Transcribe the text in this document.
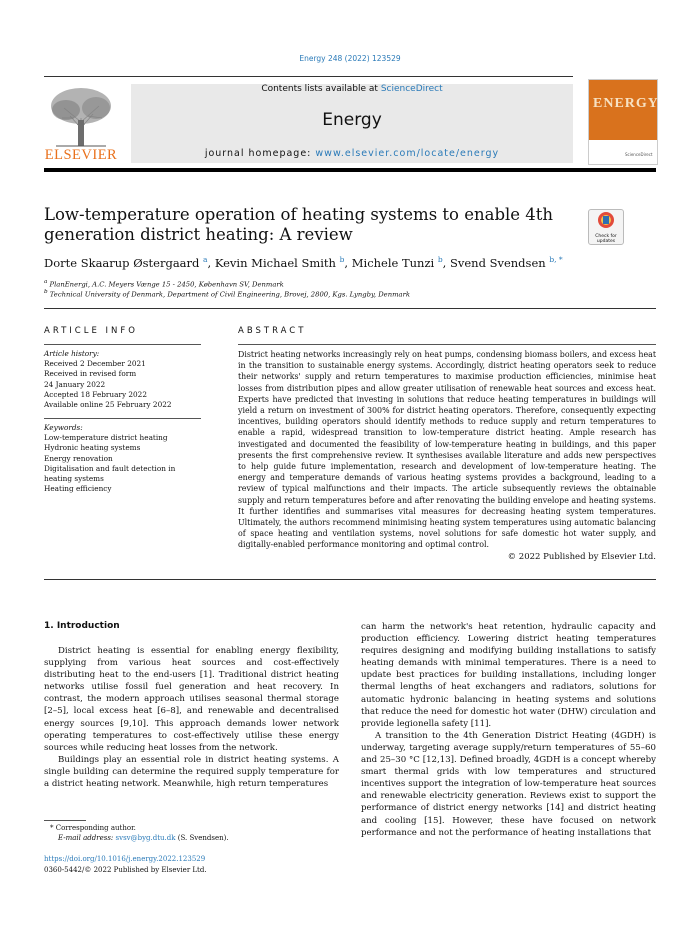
Energy 248 (2022) 123529
ELSEVIER
Contents lists available at ScienceDirect
Energy
journal homepage: www.elsevier.com/locate/energy
ENERGY
ScienceDirect
Low-temperature operation of heating systems to enable 4th generation district heating: A review	Check for
updates
Dorte Skaarup Østergaard $^a$, Kevin Michael Smith $^b$, Michele Tunzi $^b$, Svend Svendsen $^{b, *}$
$^a$ PlanEnergi, A.C. Meyers Vænge 15 - 2450, København SV, Denmark
$^b$ Technical University of Denmark, Department of Civil Engineering, Brovej, 2800, Kgs. Lyngby, Denmark
ARTICLE INFO
Article history:
Received 2 December 2021
Received in revised form
24 January 2022
Accepted 18 February 2022
Available online 25 February 2022
Keywords:
Low-temperature district heating
Hydronic heating systems
Energy renovation
Digitalisation and fault detection in heating systems
Heating efficiency
ABSTRACT
District heating networks increasingly rely on heat pumps, condensing biomass boilers, and excess heat in the transition to sustainable energy systems. Accordingly, district heating operators seek to reduce their networks' supply and return temperatures to maximise production efficiencies, minimise heat losses from distribution pipes and allow greater utilisation of renewable heat sources and excess heat. Experts have predicted that investing in solutions that reduce heating temperatures in buildings will yield a return on investment of 300% for district heating operators. Therefore, consequently expecting incentives, building operators should identify methods to reduce supply and return temperatures to enable a rapid, widespread transition to low-temperature district heating. Ample research has investigated and documented the feasibility of low-temperature heating in buildings, and this paper presents the first comprehensive review. It synthesises available literature and adds new perspectives to help guide future implementation, research and development of low-temperature heating. The energy and temperature demands of various heating systems provides a background, leading to a review of typical malfunctions and their impacts. The article subsequently reviews the obtainable supply and return temperatures before and after renovating the building envelope and heating systems. It further identifies and summarises vital measures for decreasing heating system temperatures. Ultimately, the authors recommend minimising heating system temperatures using automatic balancing of space heating and ventilation systems, novel solutions for safe domestic hot water supply, and digitally-enabled performance monitoring and optimal control.
© 2022 Published by Elsevier Ltd.
1. Introduction

District heating is essential for enabling energy flexibility, supplying from various heat sources and cost-effectively distributing heat to the end-users [1]. Traditional district heating networks utilise fossil fuel generation and heat recovery. In contrast, the modern approach utilises seasonal thermal storage [2–5], local excess heat [6–8], and renewable and decentralised energy sources [9,10]. This approach demands lower network operating temperatures to cost-effectively utilise these energy sources while reducing heat losses from the network.

Buildings play an essential role in district heating systems. A single building can determine the required supply temperature for a district heating network. Meanwhile, high return temperatures

can harm the network's heat retention, hydraulic capacity and production efficiency. Lowering district heating temperatures requires designing and modifying building installations to satisfy heating demands with minimal temperatures. There is a need to update best practices for building installations, including longer thermal lengths of heat exchangers and radiators, solutions for automatic hydronic balancing in heating systems and solutions that reduce the need for domestic hot water (DHW) circulation and provide legionella safety [11].

A transition to the 4th Generation District Heating (4GDH) is underway, targeting average supply/return temperatures of 55–60 and 25–30 °C [12,13]. Defined broadly, 4GDH is a concept whereby smart thermal grids with low temperatures and structured incentives support the integration of low-temperature heat sources and renewable electricity generation. Reviews exist to support the performance of district energy networks [14] and district heating and cooling [15]. However, these have focused on network performance and not the performance of heating installations that

* Corresponding author.
E-mail address: svsv@byg.dtu.dk (S. Svendsen).
https://doi.org/10.1016/j.energy.2022.123529
0360-5442/© 2022 Published by Elsevier Ltd.
